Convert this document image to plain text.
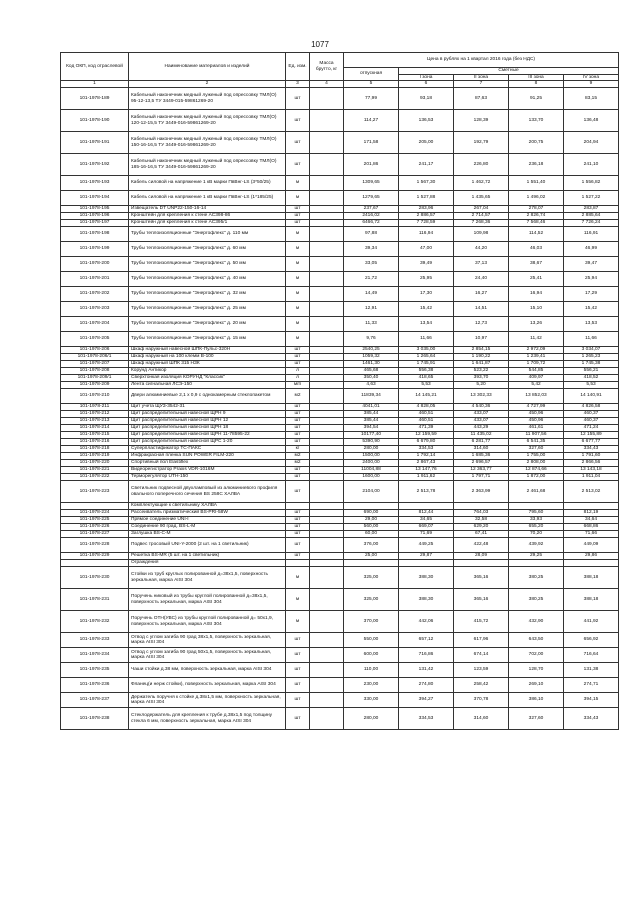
1077
Код ОКП, код отраслевой	Наименование материалов и изделий	Ед. изм.	Масса брутто, кг	Цена в рублях на 1 квартал 2016 года (без НДС)				
				отпускная	Сметные			
					I зона	II зона	III зона	IV зона
1	2	3	4	5	6	7	8	9
101-1978-189	Кабельный наконечник медный луженый под опрессовку ТМЛ(О) 95-12-13,5 ТУ 3449-015-59861269-20	шт		77,99	93,18	87,63	91,25	83,15
101-1978-190	Кабельный наконечник медный луженый под опрессовку ТМЛ(О) 120-12-15,5 ТУ 3449-016-59861269-20	шт		114,27	136,53	128,39	133,70	136,48
101-1978-191	Кабельный наконечник медный луженый под опрессовку ТМЛ(О) 150-16-16,5 ТУ 3449-016-59861269-20	шт		171,58	205,00	192,79	200,75	204,94
101-1978-192	Кабельный наконечник медный луженый под опрессовку ТМЛ(О) 185-16-16,5 ТУ 3449-016-59861269-20	шт		201,86	241,17	226,80	236,18	241,10
101-1978-193	Кабель силовой на напряжение 1 кВ марки ПвВнг-LS (3*50/25)	м		1309,65	1 567,30	1 462,72	1 551,40	1 556,82
101-1978-194	Кабель силовой на напряжение 1 кВ марки ПвВнг-LS (1*185/25)	м		1279,65	1 527,88	1 435,65	1 496,02	1 527,22
101-1978-195	Извещатель DT UNP22-150-16-14	шт		237,67	283,96	267,04	278,07	283,87
101-1978-196	Кронштейн для крепления к стене АС398-86	шт		2416,02	2 886,57	2 714,57	2 826,74	2 885,64
101-1978-197	Кронштейн для крепления к стене АС395/1	шт		6466,72	7 728,59	7 268,36	7 568,46	7 726,24
101-1978-198	Трубы теплоизоляционные "Энергофлекс" д. 110 мм	м		97,88	116,94	109,98	114,52	116,91
101-1978-199	Трубы теплоизоляционные "Энергофлекс" д. 60 мм	м		39,34	47,00	44,20	46,03	46,99
101-1978-200	Трубы теплоизоляционные "Энергофлекс" д. 50 мм	м		33,05	39,49	37,13	38,67	39,47
101-1978-201	Трубы теплоизоляционные "Энергофлекс" д. 40 мм	м		21,72	25,95	24,40	25,41	25,94
101-1978-202	Трубы теплоизоляционные "Энергофлекс" д. 32 мм	м		14,49	17,30	16,27	16,94	17,29
101-1978-203	Трубы теплоизоляционные "Энергофлекс" д. 25 мм	м		12,91	15,42	14,51	15,10	15,42
101-1978-204	Трубы теплоизоляционные "Энергофлекс" д. 20 мм	м		11,33	13,54	12,73	13,26	13,53
101-1978-205	Трубы теплоизоляционные "Энергофлекс" д. 15 мм	м		9,76	11,66	10,97	11,42	11,66
101-1978-206	Шкаф наружный навесной ШПК-Пульс-320Н	шт		2540,25	3 035,00	2 854,15	2 972,09	3 034,07
101-1978-206/1	Шкаф наружный на 100 клемм В-100	шт		1059,32	1 265,64	1 190,22	1 239,41	1 265,23
101-1978-207	Шкаф наружный ШПК 315 НЗК	шт		1461,30	1 745,91	1 641,87	1 709,72	1 745,38
101-1978-208	Корунд Антикор	л		465,68	556,38	523,22	544,85	556,21
101-1978-209/1	Сверхтонкая изоляция КОРУНД "Классик"	л		350,40	418,65	393,70	409,97	418,52
101-1978-209	Лента сигнальная ЛСЭ-150	м/п		4,63	5,53	5,20	5,42	5,53
101-1978-210	Двери алюминиевые 2,1 х 0,9 с однокамерным стеклопакетом	м2		11839,34	14 145,21	13 302,33	13 852,03	14 140,91
101-1978-211	Щит учета ЩУЗ-3542-31	шт		4041,01	4 828,05	4 540,36	4 727,99	4 826,58
101-1978-212	Щит распределительный навесной ЩРН 9	шт		385,44	460,51	433,07	450,96	460,37
101-1978-213	Щит распределительный навесной ЩРН 12	шт		385,44	460,51	433,07	450,96	460,37
101-1978-214	Щит распределительный навесной ЩРН 18	шт		394,54	471,39	443,29	461,61	471,24
101-1978-215	Щит распределительный навесной ЩРН 11-78595-22	шт		10177,40	12 159,59	11 435,02	11 907,56	12 155,89
101-1978-216	Щит распределительный навесной ЩРС 1-20	шт		5390,90	6 679,80	6 281,77	6 541,35	6 677,77
101-1978-218	Суперпластификатор ТС-ПАКС	кг		280,00	334,53	314,60	327,60	334,43
101-1978-219	Инфракрасная пленка SUN POWER FILM-220	м2		1500,00	1 792,14	1 685,36	1 755,00	1 791,60
101-1978-220	Спортивный пол Elastiflex	м2		2400,00	2 867,43	2 696,57	2 808,00	2 866,56
101-1978-221	Видеорегистратор Praxis VDR-1016M	шт		11004,88	13 147,76	12 363,77	12 874,66	13 143,18
101-1978-222	Терморегулятор UTH-150	шт		1600,00	1 911,62	1 797,71	1 872,00	1 911,04
101-1978-223	Светильник подвесной двухламповый из алюминиевого профиля овального поперечного сечения BS 258С ХАЛВА	шт		2104,00	2 513,78	2 363,99	2 461,68	2 513,02
	Комплектующие к светильнику ХАЛВА							
101-1978-224	Рассеиватель призматический BS-PRI-58W	шт		690,00	812,44	764,03	795,60	812,19
101-1978-225	Прямое соединение UNI-I	шт		29,00	34,65	32,58	33,93	34,64
101-1978-226	Соединение 90 град. BS-L-M	шт		560,00	669,07	629,20	655,20	668,86
101-1978-227	Заглушка BS-C-M	шт		60,00	71,69	67,41	70,20	71,66
101-1978-228	Подвес тросовый UNI-Y-2000 (2 шт. на 1 светильник)	шт		376,00	449,25	422,48	439,92	449,09
101-1978-229	Решетка BS-MR (5 шт. на 1 светильник)	шт		25,00	29,87	28,09	29,25	29,86
	Ограждения							
101-1978-230	Стойки из труб круглых полированной д=38х1,5, поверхность зеркальная, марка AISI 304	м		325,00	388,30	365,16	380,25	388,18
101-1978-231	Поручень никовый из трубы круглой полированной д=38х1,5, поверхность зеркальная, марка AISI 304	м		325,00	388,30	365,16	380,25	388,18
101-1978-232	Поручень ОТН(УВС) из трубы круглой полированной д= 50х1,9, поверхность зеркальная, марка AISI 304	м		370,00	442,06	415,72	432,90	441,92
101-1978-233	Отвод с углом загиба 90 град 38х1,5, поверхность зеркальная, марка AISI 304	шт		550,00	657,12	617,96	643,50	656,92
101-1978-234	Отвод с углом загиба 90 град 50х1,5, поверхность зеркальная, марка AISI 304	шт		600,00	716,86	674,14	702,00	716,64
101-1978-235	Чаши стойки д.38 мм, поверхность зеркальная, марка AISI 304	шт		110,00	131,42	123,59	128,70	131,38
101-1978-236	Фланец(и нерж стойки), поверхность зеркальная, марка AISI 304	шт		230,00	274,80	258,42	269,10	274,71
101-1978-237	Держатель поручня к стойке д.38х1,5 мм, поверхность зеркальная, марка AISI 304	шт		330,00	394,27	370,78	386,10	394,15
101-1978-238	Стеклодержатель для крепления к трубе д.38х1,5 под толщину стекла 6 мм, поверхность зеркальная, марка AISI 304	шт		280,00	334,53	314,60	327,60	334,43
